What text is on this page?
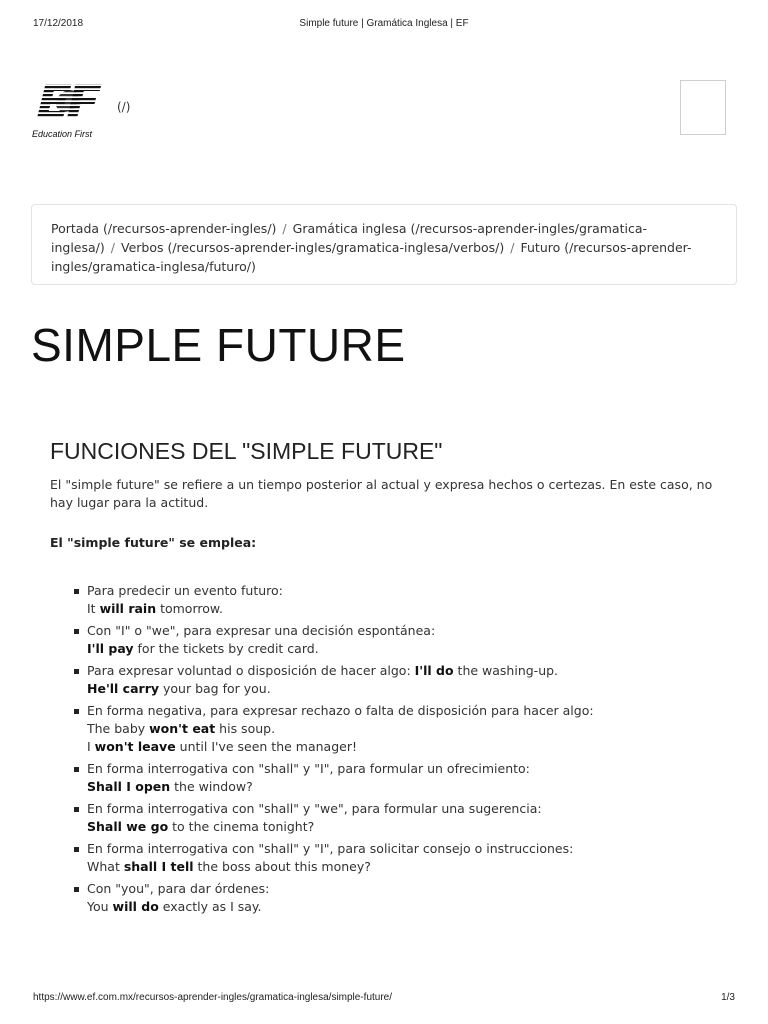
17/12/2018	Simple future | Gramática Inglesa | EF
Education First
(/)
Portada (/recursos-aprender-ingles/) / Gramática inglesa (/recursos-aprender-ingles/gramatica-inglesa/) / Verbos (/recursos-aprender-ingles/gramatica-inglesa/verbos/) / Futuro (/recursos-aprender-ingles/gramatica-inglesa/futuro/)
SIMPLE FUTURE
FUNCIONES DEL "SIMPLE FUTURE"

El "simple future" se refiere a un tiempo posterior al actual y expresa hechos o certezas. En este caso, no hay lugar para la actitud.

El "simple future" se emplea:

Para predecir un evento futuro:
It will rain tomorrow.
Con "I" o "we", para expresar una decisión espontánea:
I'll pay for the tickets by credit card.
Para expresar voluntad o disposición de hacer algo: I'll do the washing-up.
He'll carry your bag for you.
En forma negativa, para expresar rechazo o falta de disposición para hacer algo:
The baby won't eat his soup.
I won't leave until I've seen the manager!
En forma interrogativa con "shall" y "I", para formular un ofrecimiento:
Shall I open the window?
En forma interrogativa con "shall" y "we", para formular una sugerencia:
Shall we go to the cinema tonight?
En forma interrogativa con "shall" y "I", para solicitar consejo o instrucciones:
What shall I tell the boss about this money?
Con "you", para dar órdenes:
You will do exactly as I say.
https://www.ef.com.mx/recursos-aprender-ingles/gramatica-inglesa/simple-future/	1/3
